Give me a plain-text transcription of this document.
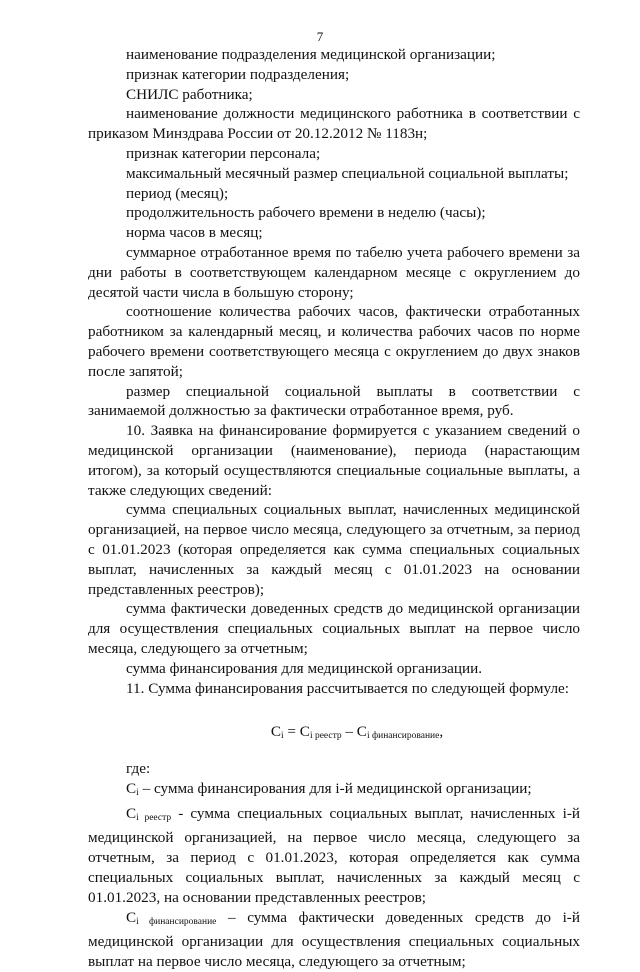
7

наименование подразделения медицинской организации;

признак категории подразделения;

СНИЛС работника;

наименование должности медицинского работника в соответствии с приказом Минздрава России от 20.12.2012 № 1183н;

признак категории персонала;

максимальный месячный размер специальной социальной выплаты;

период (месяц);

продолжительность рабочего времени в неделю (часы);

норма часов в месяц;

суммарное отработанное время по табелю учета рабочего времени за дни работы в соответствующем календарном месяце с округлением до десятой части числа в большую сторону;

соотношение количества рабочих часов, фактически отработанных работником за календарный месяц, и количества рабочих часов по норме рабочего времени соответствующего месяца с округлением до двух знаков после запятой;

размер специальной социальной выплаты в соответствии с занимаемой должностью за фактически отработанное время, руб.

10. Заявка на финансирование формируется с указанием сведений о медицинской организации (наименование), периода (нарастающим итогом), за который осуществляются специальные социальные выплаты, а также следующих сведений:

сумма специальных социальных выплат, начисленных медицинской организацией, на первое число месяца, следующего за отчетным, за период с 01.01.2023 (которая определяется как сумма специальных социальных выплат, начисленных за каждый месяц с 01.01.2023 на основании представленных реестров);

сумма фактически доведенных средств до медицинской организации для осуществления специальных социальных выплат на первое число месяца, следующего за отчетным;

сумма финансирования для медицинской организации.

11. Сумма финансирования рассчитывается по следующей формуле:

$C_i = C_{i реестр} - C_{i финансирование}$,

где:

$C_i$ – сумма финансирования для i-й медицинской организации;

$C_{i реестр}$ - сумма специальных социальных выплат, начисленных i-й медицинской организацией, на первое число месяца, следующего за отчетным, за период с 01.01.2023, которая определяется как сумма специальных социальных выплат, начисленных за каждый месяц с 01.01.2023, на основании представленных реестров;

$C_{i финансирование}$ – сумма фактически доведенных средств до i-й медицинской организации для осуществления специальных социальных выплат на первое число месяца, следующего за отчетным;
